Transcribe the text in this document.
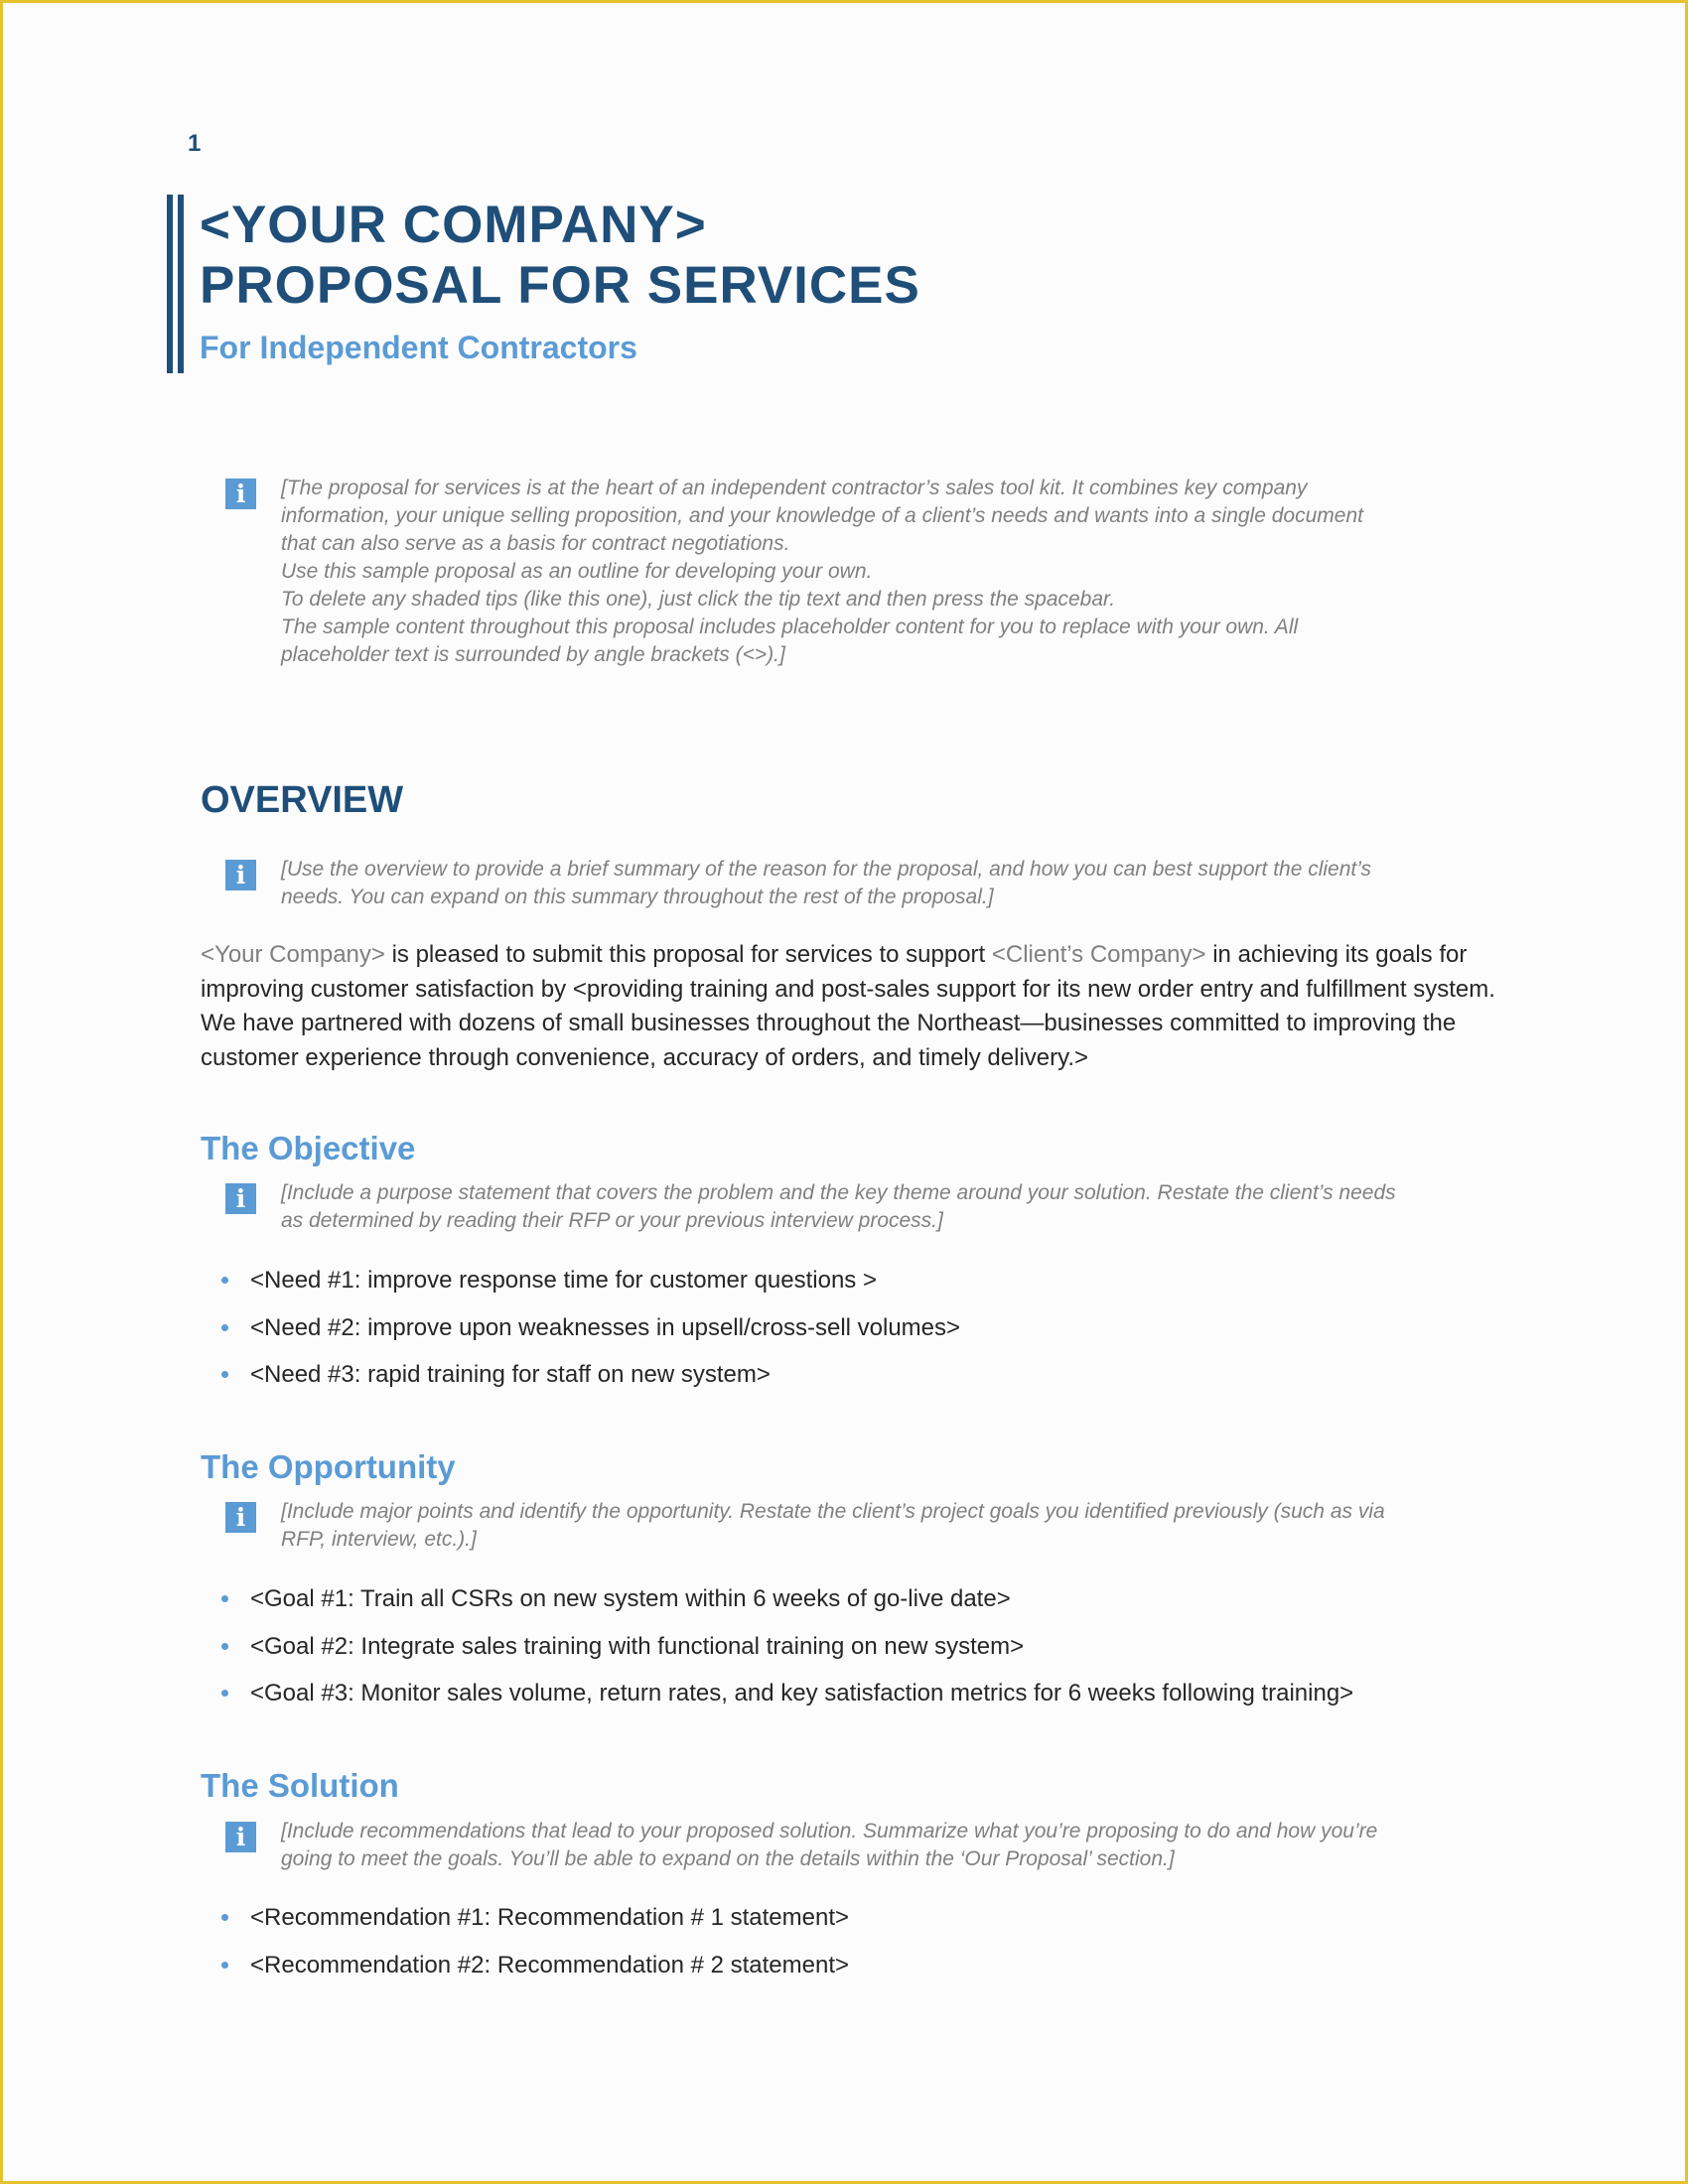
1
<YOUR COMPANY>
PROPOSAL FOR SERVICES
For Independent Contractors
i	[The proposal for services is at the heart of an independent contractor’s sales tool kit. It combines key company information, your unique selling proposition, and your knowledge of a client’s needs and wants into a single document that can also serve as a basis for contract negotiations.

Use this sample proposal as an outline for developing your own.

To delete any shaded tips (like this one), just click the tip text and then press the spacebar.

The sample content throughout this proposal includes placeholder content for you to replace with your own. All placeholder text is surrounded by angle brackets (<>).]

OVERVIEW
i	[Use the overview to provide a brief summary of the reason for the proposal, and how you can best support the client’s needs. You can expand on this summary throughout the rest of the proposal.]
<Your Company> is pleased to submit this proposal for services to support <Client’s Company> in achieving its goals for improving customer satisfaction by <providing training and post-sales support for its new order entry and fulfillment system. We have partnered with dozens of small businesses throughout the Northeast—businesses committed to improving the customer experience through convenience, accuracy of orders, and timely delivery.>
The Objective
i	[Include a purpose statement that covers the problem and the key theme around your solution. Restate the client’s needs as determined by reading their RFP or your previous interview process.]
<Need #1: improve response time for customer questions >
<Need #2: improve upon weaknesses in upsell/cross-sell volumes>
<Need #3: rapid training for staff on new system>
The Opportunity
i	[Include major points and identify the opportunity. Restate the client’s project goals you identified previously (such as via RFP, interview, etc.).]
<Goal #1: Train all CSRs on new system within 6 weeks of go-live date>
<Goal #2: Integrate sales training with functional training on new system>
<Goal #3: Monitor sales volume, return rates, and key satisfaction metrics for 6 weeks following training>
The Solution
i	[Include recommendations that lead to your proposed solution. Summarize what you’re proposing to do and how you’re going to meet the goals. You’ll be able to expand on the details within the ‘Our Proposal’ section.]
<Recommendation #1: Recommendation # 1 statement>
<Recommendation #2: Recommendation # 2 statement>
